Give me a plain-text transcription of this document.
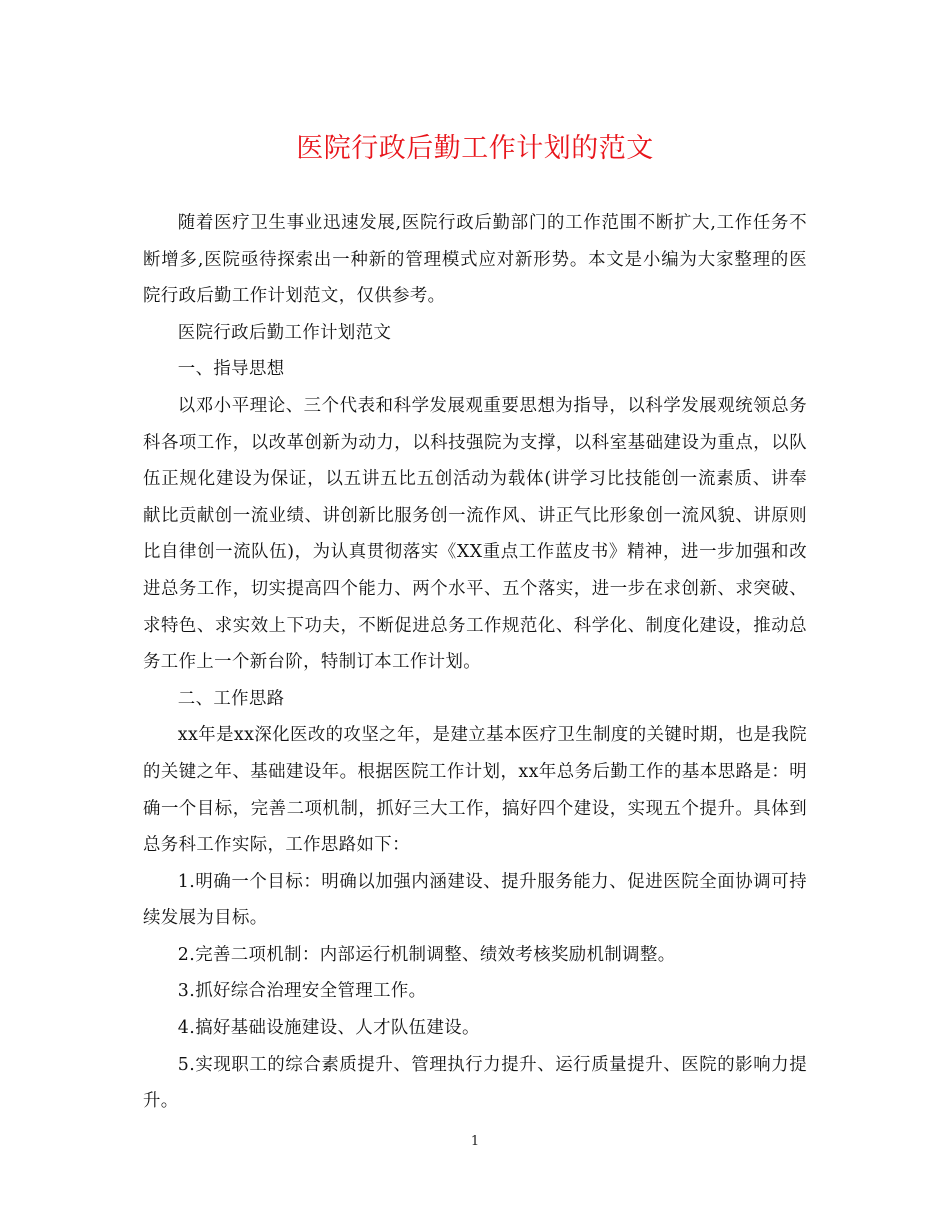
医院行政后勤工作计划的范文

随着医疗卫生事业迅速发展,医院行政后勤部门的工作范围不断扩大,工作任务不断增多,医院亟待探索出一种新的管理模式应对新形势。本文是小编为大家整理的医院行政后勤工作计划范文，仅供参考。

医院行政后勤工作计划范文

一、指导思想

以邓小平理论、三个代表和科学发展观重要思想为指导，以科学发展观统领总务科各项工作，以改革创新为动力，以科技强院为支撑，以科室基础建设为重点，以队伍正规化建设为保证，以五讲五比五创活动为载体(讲学习比技能创一流素质、讲奉献比贡献创一流业绩、讲创新比服务创一流作风、讲正气比形象创一流风貌、讲原则比自律创一流队伍)，为认真贯彻落实《XX重点工作蓝皮书》精神，进一步加强和改进总务工作，切实提高四个能力、两个水平、五个落实，进一步在求创新、求突破、求特色、求实效上下功夫，不断促进总务工作规范化、科学化、制度化建设，推动总务工作上一个新台阶，特制订本工作计划。

二、工作思路

xx年是xx深化医改的攻坚之年，是建立基本医疗卫生制度的关键时期，也是我院的关键之年、基础建设年。根据医院工作计划，xx年总务后勤工作的基本思路是：明确一个目标，完善二项机制，抓好三大工作，搞好四个建设，实现五个提升。具体到总务科工作实际，工作思路如下：

1.明确一个目标：明确以加强内涵建设、提升服务能力、促进医院全面协调可持续发展为目标。

2.完善二项机制：内部运行机制调整、绩效考核奖励机制调整。

3.抓好综合治理安全管理工作。

4.搞好基础设施建设、人才队伍建设。

5.实现职工的综合素质提升、管理执行力提升、运行质量提升、医院的影响力提升。

1
